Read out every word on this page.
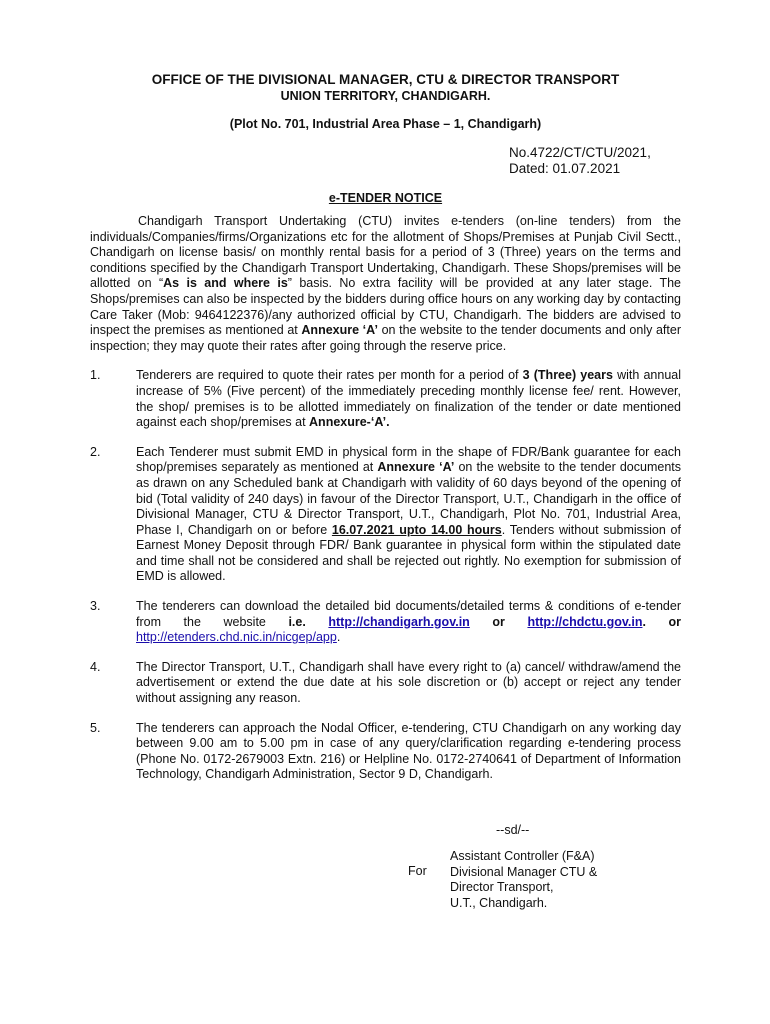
OFFICE OF THE DIVISIONAL MANAGER, CTU & DIRECTOR TRANSPORT
UNION TERRITORY, CHANDIGARH.
(Plot No. 701, Industrial Area Phase – 1, Chandigarh)
No.4722/CT/CTU/2021,
Dated: 01.07.2021
e-TENDER NOTICE
Chandigarh Transport Undertaking (CTU) invites e-tenders (on-line tenders) from the individuals/Companies/firms/Organizations etc for the allotment of Shops/Premises at Punjab Civil Sectt., Chandigarh on license basis/ on monthly rental basis for a period of 3 (Three) years on the terms and conditions specified by the Chandigarh Transport Undertaking, Chandigarh. These Shops/premises will be allotted on “As is and where is” basis. No extra facility will be provided at any later stage. The Shops/premises can also be inspected by the bidders during office hours on any working day by contacting Care Taker (Mob: 9464122376)/any authorized official by CTU, Chandigarh. The bidders are advised to inspect the premises as mentioned at Annexure ‘A’ on the website to the tender documents and only after inspection; they may quote their rates after going through the reserve price.
1.	Tenderers are required to quote their rates per month for a period of 3 (Three) years with annual increase of 5% (Five percent) of the immediately preceding monthly license fee/ rent. However, the shop/ premises is to be allotted immediately on finalization of the tender or date mentioned against each shop/premises at Annexure-‘A’.
2.	Each Tenderer must submit EMD in physical form in the shape of FDR/Bank guarantee for each shop/premises separately as mentioned at Annexure ‘A’ on the website to the tender documents as drawn on any Scheduled bank at Chandigarh with validity of 60 days beyond of the opening of bid (Total validity of 240 days) in favour of the Director Transport, U.T., Chandigarh in the office of Divisional Manager, CTU & Director Transport, U.T., Chandigarh, Plot No. 701, Industrial Area, Phase I, Chandigarh on or before 16.07.2021 upto 14.00 hours. Tenders without submission of Earnest Money Deposit through FDR/ Bank guarantee in physical form within the stipulated date and time shall not be considered and shall be rejected out rightly. No exemption for submission of EMD is allowed.
3.	The tenderers can download the detailed bid documents/detailed terms & conditions of e-tender from the website i.e. http://chandigarh.gov.in or http://chdctu.gov.in. or http://etenders.chd.nic.in/nicgep/app.
4.	The Director Transport, U.T., Chandigarh shall have every right to (a) cancel/ withdraw/amend the advertisement or extend the due date at his sole discretion or (b) accept or reject any tender without assigning any reason.
5.	The tenderers can approach the Nodal Officer, e-tendering, CTU Chandigarh on any working day between 9.00 am to 5.00 pm in case of any query/clarification regarding e-tendering process (Phone No. 0172-2679003 Extn. 216) or Helpline No. 0172-2740641 of Department of Information Technology, Chandigarh Administration, Sector 9 D, Chandigarh.
--sd/--
For
Assistant Controller (F&A)
Divisional Manager CTU &
Director Transport,
U.T., Chandigarh.
